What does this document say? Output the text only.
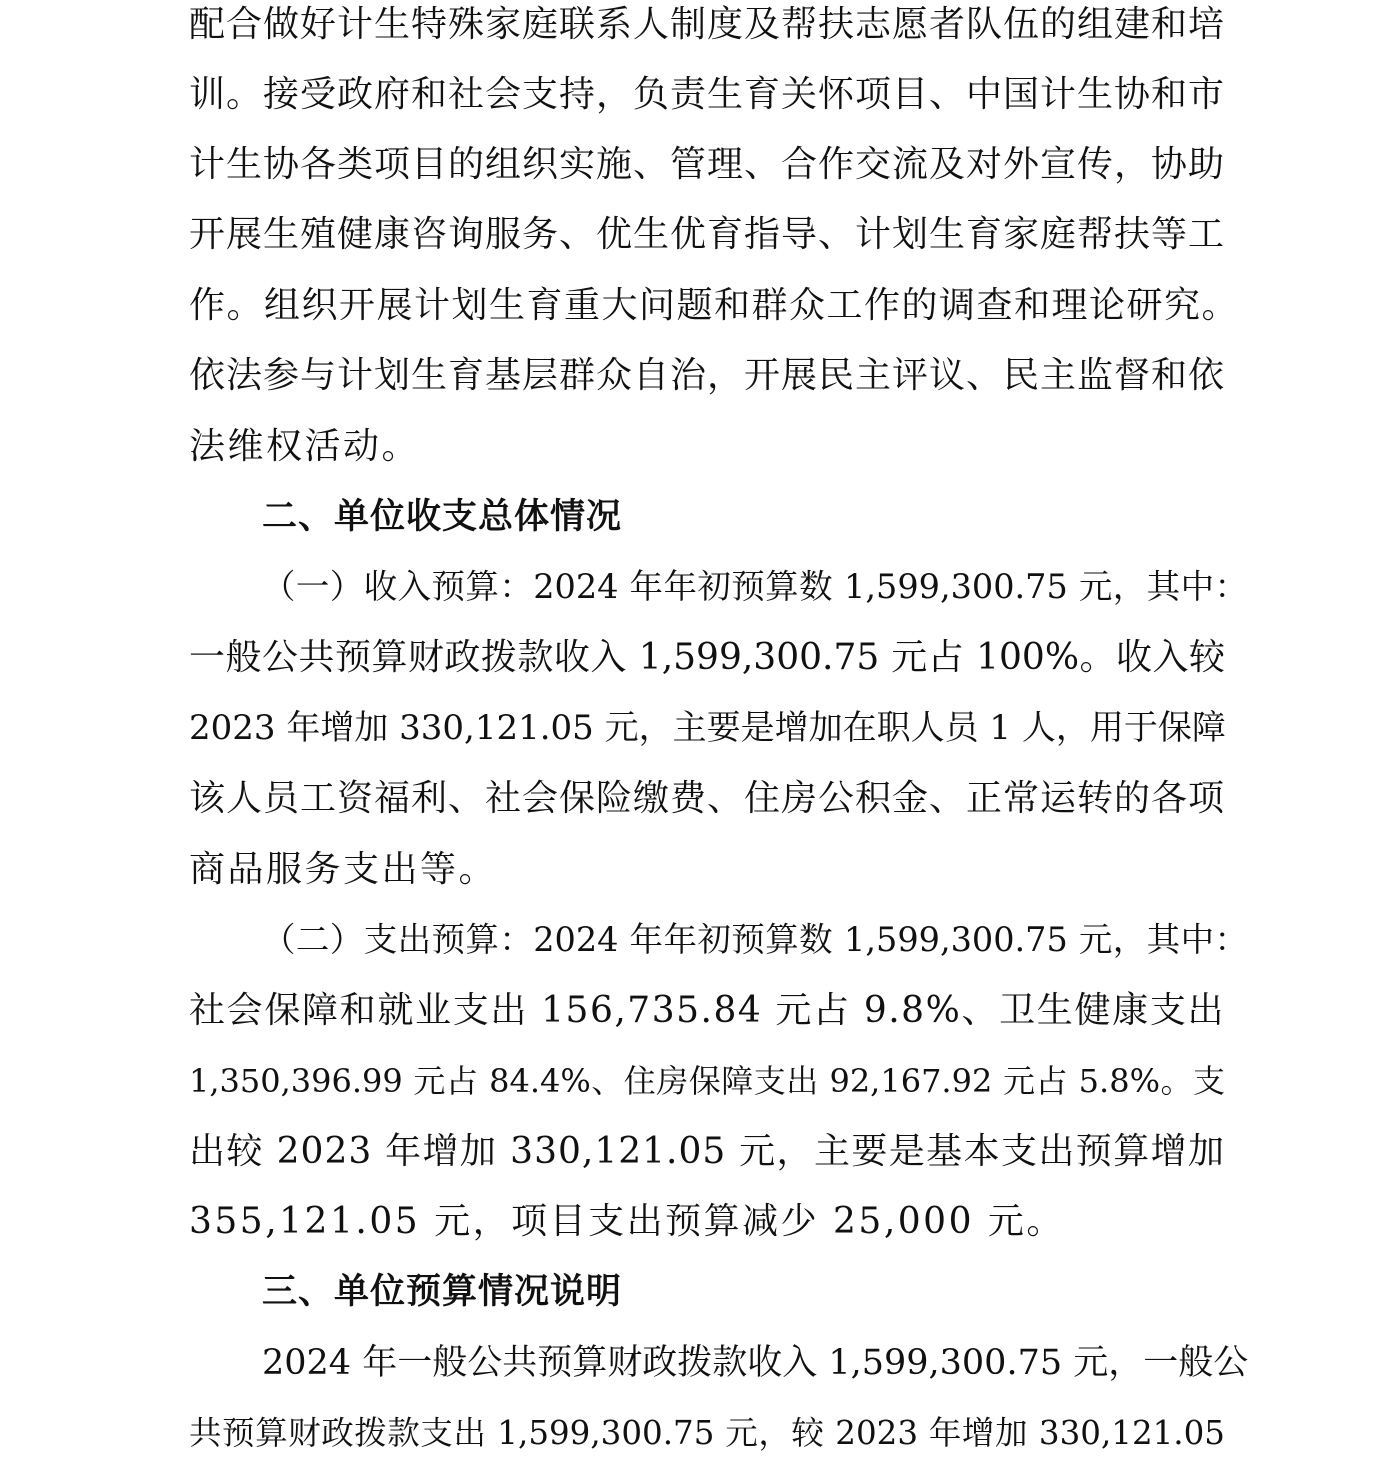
配合做好计生特殊家庭联系人制度及帮扶志愿者队伍的组建和培
训。接受政府和社会支持，负责生育关怀项目、中国计生协和市
计生协各类项目的组织实施、管理、合作交流及对外宣传，协助
开展生殖健康咨询服务、优生优育指导、计划生育家庭帮扶等工
作。组织开展计划生育重大问题和群众工作的调查和理论研究。
依法参与计划生育基层群众自治，开展民主评议、民主监督和依
法维权活动。
二、单位收支总体情况
（一）收入预算：2024 年年初预算数 1,599,300.75 元，其中：
一般公共预算财政拨款收入 1,599,300.75 元占 100%。收入较
2023 年增加 330,121.05 元，主要是增加在职人员 1 人，用于保障
该人员工资福利、社会保险缴费、住房公积金、正常运转的各项
商品服务支出等。
（二）支出预算：2024 年年初预算数 1,599,300.75 元，其中：
社会保障和就业支出 156,735.84 元占 9.8%、卫生健康支出
1,350,396.99 元占 84.4%、住房保障支出 92,167.92 元占 5.8%。支
出较 2023 年增加 330,121.05 元，主要是基本支出预算增加
355,121.05 元，项目支出预算减少 25,000 元。
三、单位预算情况说明
2024 年一般公共预算财政拨款收入 1,599,300.75 元，一般公
共预算财政拨款支出 1,599,300.75 元，较 2023 年增加 330,121.05
